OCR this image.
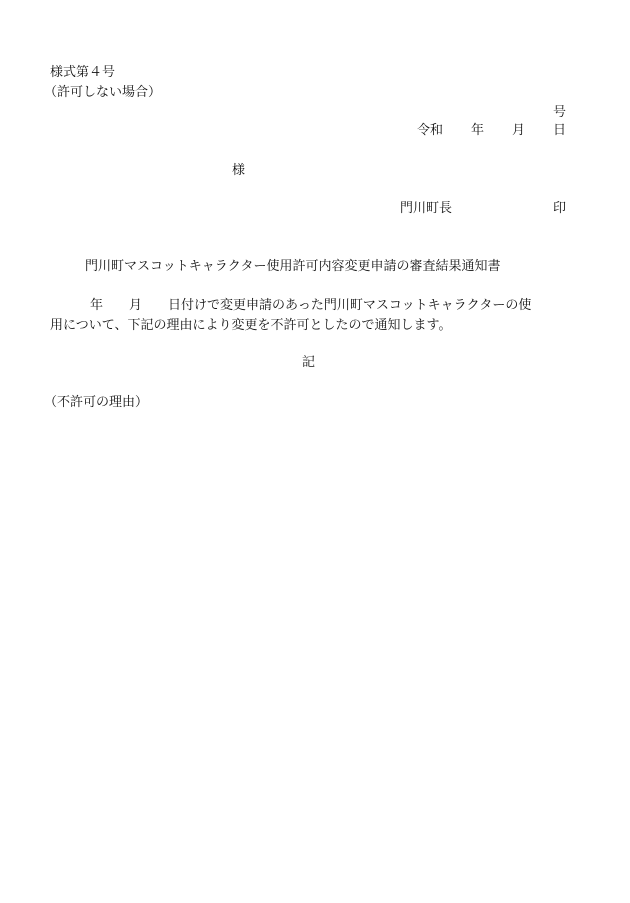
様式第４号
（許可しない場合）
号
令和 年 月 日
様
門川町長	印
門川町マスコットキャラクター使用許可内容変更申請の審査結果通知書
年 月 日付けで変更申請のあった門川町マスコットキャラクターの使
用について、下記の理由により変更を不許可としたので通知します。
記
（不許可の理由）
